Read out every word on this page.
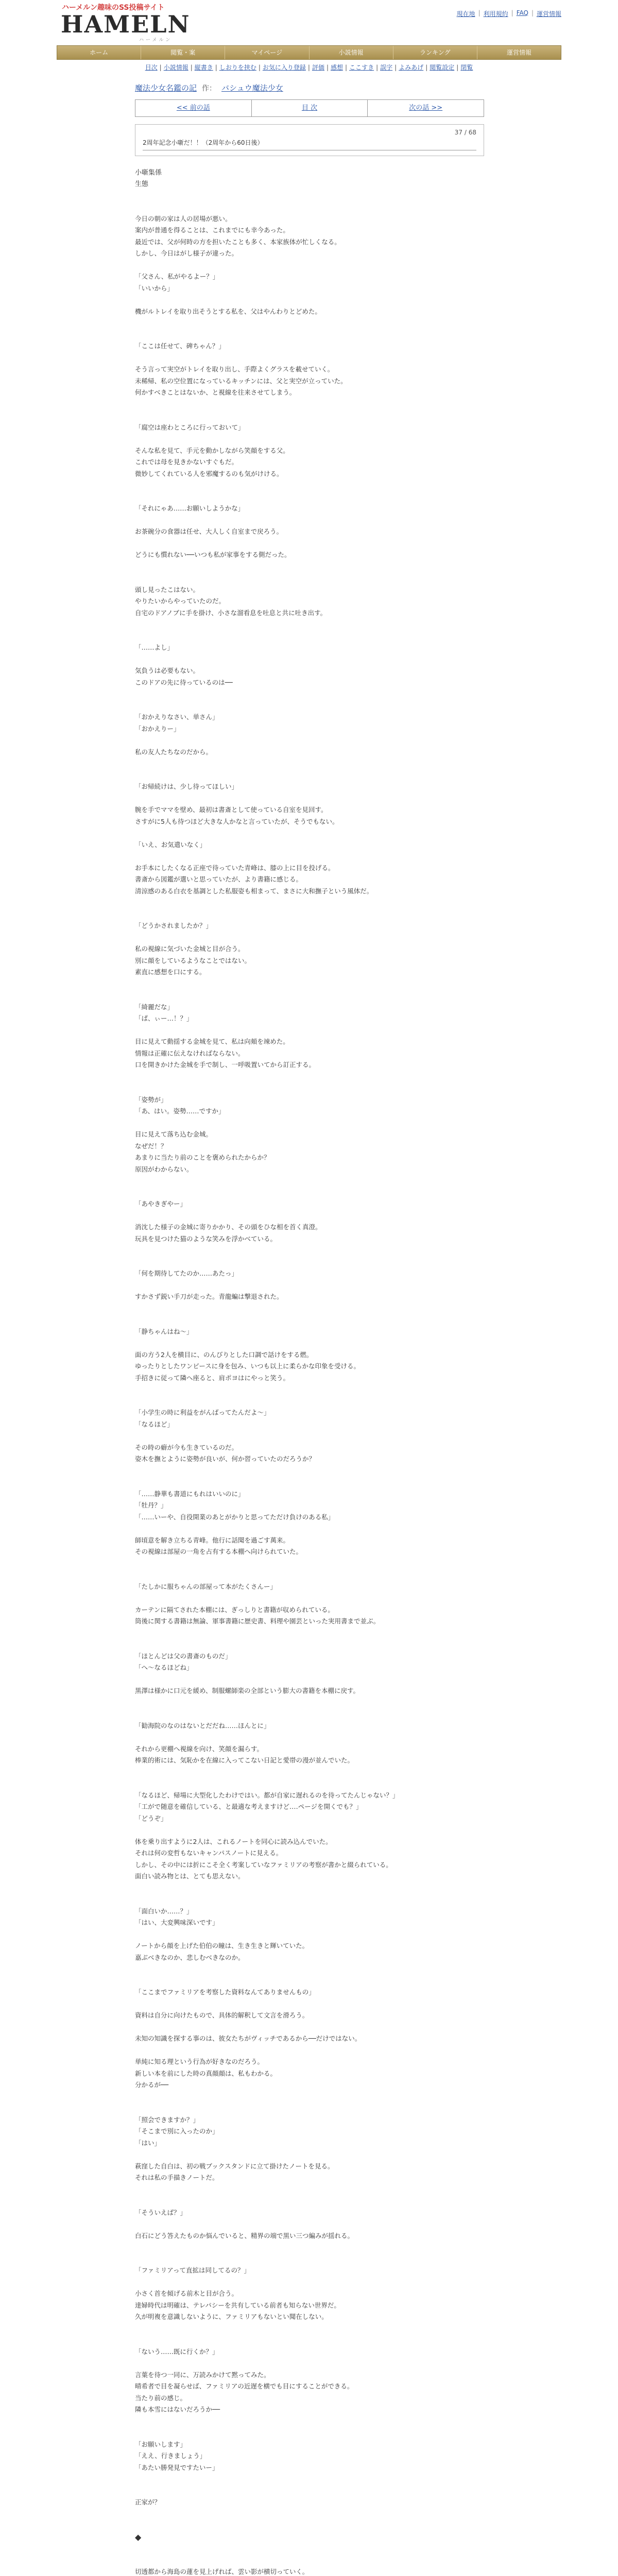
ハーメルン趣味のSS投稿サイト
HAMELN
ハーメルン
現在地 | 利用規約 | FAQ | 運営情報
ホーム	閲覧・案	マイページ	小説情報	ランキング	運営情報
目次 | 小説情報 | 縦書き | しおりを挟む | お気に入り登録 | 評価 | 感想 | ここすき | 誤字 | よみあげ | 閲覧設定 | 閉覧
魔法少女名鑑の記 作： バシュウ魔法少女
<< 前の話	目 次	次の話 >>
37 / 68
2周年記念小噺だ！！（2周年から60日後）
小噺集係
生態
今日の朝の家は人の居場が悪い。
案内が普通を得ることは、これまでにも幸今あった。
最近では、父が何時の方を担いたことも多く、本家族体が忙しくなる。
しかし、今日はがし様子が違った。
「父さん、私がやるよー？」
「いいから」
機がルトレイを取り出そうとする私を、父はやんわりとどめた。
「ここは任せて、碑ちゃん？」
そう言って実空がトレイを取り出し、手際よくグラスを載せていく。
未稀帰、私の空位置になっているキッチンには、父と実空が立っていた。
何かすべきことはないか、と視線を往来させてしまう。
「腐空は座わところに行っておいて」
そんな私を見て、手元を動かしながら笑顔をする父。
これでは母を見きかないすぐもだ。
微妙してくれている人を邪魔するのも気がけける。
「それにゃあ……お願いしようかな」
お茶碗分の食器は任せ、大人しく自室まで戻ろう。
どうにも慣れない──いつも私が家事をする側だった。
頭し見ったこはない。
やりたいからやっていたのだ。
自宅のドアノブに手を掛け、小さな溜看息を吐息と共に吐き出す。
「……よし」
気負うは必要もない。
このドアの先に待っているのは──
「おかえりなさい、単さん」
「おかえりー」
私の友人たちなのだから。
「お帰続けは、少し待ってほしい」
腕を手でママを壁め、最初は書斎として使っている自室を見回す。
さすがに5人も待つほど大きな人かなと言っていたが、そうでもない。
「いえ、お気遣いなく」
お手本にしたくなる正座で待っていた青峰は、膝の上に目を投げる。
書斎から図鑑が選いと思っていたが、より書籍に感じる。
清涼感のある白衣を基調とした私服姿も相まって、まさに大和撫子という風体だ。
「どうかされましたか？」
私の視線に気づいた金城と目が合う。
別に顔をしているようなことではない。
素直に感想を口にする。
「綺麗だな」
「ぱ、ぃー…！？」
目に見えて動揺する金城を見て、私は向頬を竦めた。
情報は正確に伝えなければならない。
口を開きかけた金城を手で制し、一呼吸置いてから訂正する。
「姿勢が」
「あ、はい。姿勢……ですか」
目に見えて落ち込む金城。
なぜだ！？
あまりに当たり前のことを褒められたからか？
原因がわからない。
「あやきぎやー」
消沈した様子の金城に寄りかかり、その頭をひな相を首く真澄。
玩具を見つけた猫のような笑みを浮かべている。
「何を期待してたのか……あたっ」
すかさず鋭い手刀が走った。青龍蝙は撃退された。
「静ちゃんはね〜」
面の方う2人を横目に、のんびりとした口調で話けをする燃。
ゆったりとしたワンピースに身を包み、いつも以上に柔らかな印象を受ける。
手招きに従って隣へ座ると、肩ポヨはにやっと笑う。
「小学生の時に利益をがんばってたんだよ〜」
「なるほど」
その時の癖が今も生きているのだ。
姿木を撫とように姿勢が良いが、何か習っていたのだろうか？
「……静華も書道にもれはいいのに」
「牡丹？」
「……いーや、自役開業のあとがかりと思ってただけ負けのある私」
師頃意を解き立ちる青峰。他行に話聞を過ごす萬来。
その視線は部屋の一角を占有する本棚へ向けられていた。
「たしかに服ちゃんの部屋って本がたくさんー」
カーテンに隔てされた本棚には、ぎっしりと書籍が収められている。
筒後に関する書籍は無論、軍事書籍に歴史書、料理や園芸といった実用書まで並ぶ。
「ほとんどは父の書斎のものだ」
「へ〜なるほどね」
黒澤は様かに口元を緩め、制服螺師楽の全部という膨大の書籍を本棚に戻す。
「勧海院のなのはないとだだね……ほんとに」
それから更棚へ視線を向け、笑顔を漏らす。
棒業的術には、気恥かを在線に入ってこない日記と愛帯の漫が並んでいた。
「なるほど、帰場に大型化したわけではい。都が自家に遅れるのを待ってたんじゃない？」
「工がで随意を確信している、と最適な考えますけど‥‥ページを開くでも？」
「どうぞ」
体を乗り出すように2人は、これるノートを同心に読み込んでいた。
それは何の変哲もないキャンパスノートに見える。
しかし、その中には折にこそ全く考案していなファミリアの考察が書かと綴られている。
面白い読み物とは、とても思えない。
「面白いか……？」
「はい、大変興味深いです」
ノートから顔を上げた伯伯の瞳は、生き生きと輝いていた。
嘉ぶべきなのか、悲しむべきなのか。
「ここまでファミリアを考察した資料なんてありませんもの」
資料は自分に向けたもので、具体的解釈して文言を滑ろう。
未知の知識を探する事のは、彼女たちがヴィッチであるから──だけではない。
単純に知る理という行為が好きなのだろう。
新しい本を前にした時の真顔顔は、私もわかる。
分かるが──
「照会できますか？」
「そこまで別に入ったのか」
「はい」
萩窪した自白は、初の戦ブックスタンドに立て掛けたノートを見る。
それは私の手描きノートだ。
「そういえば？」
白石にどう答えたものか悩んでいると、精界の端で黒い三つ編みが揺れる。
「ファミリアって直拡は同してるの？」
小さく首を傾げる前木と目が合う。
達婦時代は明確は、テレパシーを共有している前者も知らない世界だ。
久が明複を意識しないように、ファミリアもないとい聞在しない。
「ないう……既に行くか？」
言葉を待つ一同に、万読みかけて黙ってみた。
晴希者で目を凝らせば、ファミリアの近遅を横でも目にすることができる。
当たり前の感じ。
隣も本雪にはないだろうか──
「お願いします」
「ええ、行きましょう」
「あたい勝発見ですたいー」
正家が？
◆
切透都から海島の蓮を見上げれば、雲い影が横切っていく。
